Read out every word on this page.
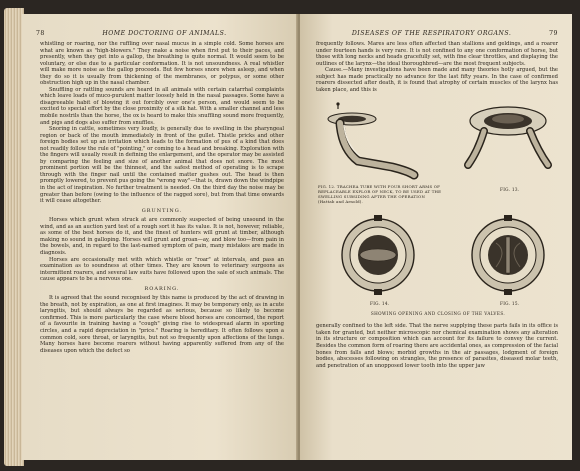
78	HOME DOCTORING OF ANIMALS.

whistling or roaring, nor the ruffling over nasal mucus in a simple cold. Some horses are what are known as "high-blowers." They make a noise when first put to their paces, and presently, when they get into a gallop, the breathing is quite normal. It would seem to be voluntary, or else due to a particular conformation. It is not unsoundness. A real whistler will make more noise as the gallop proceeds. But few horses snore when asleep, and when they do so it is usually from thickening of the membranes, or polypus, or some other obstruction high up in the nasal chamber.

Snuffling or rattling sounds are heard in all animals with certain catarrhal complaints which leave loads of muco-purulent matter loosely held in the nasal passages. Some have a disagreeable habit of blowing it out forcibly over one's person, and would seem to be excited to special effort by the close proximity of a silk hat. With a smaller channel and less mobile nostrils than the horse, the ox is heard to make this snuffling sound more frequently, and pigs and dogs also suffer from snuffles.

Snoring in cattle, sometimes very loudly, is generally due to swelling in the pharyngeal region or back of the mouth immediately in front of the gullet. Thistle pricks and other foreign bodies set up an irritation which leads to the formation of pus of a kind that does not readily follow the rule of "pointing," or coming to a head and breaking. Exploration with the fingers will usually result in defining the enlargement, and the operator may be assisted by comparing the feeling and size of another animal that does not snore. The most prominent portion will be the thinnest, and the safest method of operating is to scrape through with the finger nail until the contained matter gushes out. The head is then promptly lowered, to prevent pus going the "wrong way"—that is, drawn down the windpipe in the act of inspiration. No further treatment is needed. On the third day the noise may be greater than before (owing to the influence of the ragged sore), but from that time onwards it will cease altogether.

GRUNTING.

Horses which grunt when struck at are commonly suspected of being unsound in the wind, and as an auction yard test of a rough sort it has its value. It is not, however, reliable, as some of the best horses do it, and the finest of hunters will grunt at timber, although making no sound in galloping. Horses will grunt and groan—ay, and blow too—from pain in the bowels, and, in regard to the last-named symptom of pain, many mistakes are made in diagnosis.

Horses are occasionally met with which whistle or "roar" at intervals, and pass an examination as to soundness at other times. They are known to veterinary surgeons as intermittent roarers, and several law suits have followed upon the sale of such animals. The cause appears to be a nervous one.

ROARING.

It is agreed that the sound recognised by this name is produced by the act of drawing in the breath, not by expiration, as one at first imagines. It may be temporary only, as in acute laryngitis, but should always be regarded as serious, because so likely to become confirmed. This is more particularly the case where blood horses are concerned, the report of a favourite in training having a "cough" giving rise to widespread alarm in sporting circles, and a rapid depreciation in "price." Roaring is hereditary. It often follows upon a common cold, sore throat, or laryngitis, but not so frequently upon affections of the lungs. Many horses have become roarers without having apparently suffered from any of the diseases upon which the defect so

DISEASES OF THE RESPIRATORY ORGANS.	79

frequently follows. Mares are less often affected than stallions and geldings, and a roarer under fourteen hands is very rare. It is not confined to any one conformation of horse, but those with long necks and heads gracefully set, with fine clear throttles, and displaying the outlines of the larynx—the ideal thoroughbred—are the most frequent subjects.

Cause.—Many investigations have been made and many theories hotly argued, but the subject has made practically no advance for the last fifty years. In the case of confirmed roarers dissected after death, it is found that atrophy of certain muscles of the larynx has taken place, and this is

FIG. 12. TRACHEA TUBE WITH FOUR SHORT ARMS OF REPLACEABLE EXPLOR OF NECK, TO BE USED AT THE SWELLING SUBSIDING AFTER THE OPERATION (Hattab and Arnold).
FIG. 13.
FIG. 14.	FIG. 15.
SHOWING OPENING AND CLOSING OF THE VALVES.

generally confined to the left side. That the nerve supplying these parts fails in its office is taken for granted, but neither microscopic nor chemical examination shows any alteration in its structure or composition which can account for its failure to convey the current. Besides the common form of roaring there are accidental ones, as compression of the facial bones from falls and blows; morbid growths in the air passages, lodgment of foreign bodies, abscesses following on strangles, the presence of parasites, diseased molar teeth, and penetration of an unopposed lower tooth into the upper jaw
